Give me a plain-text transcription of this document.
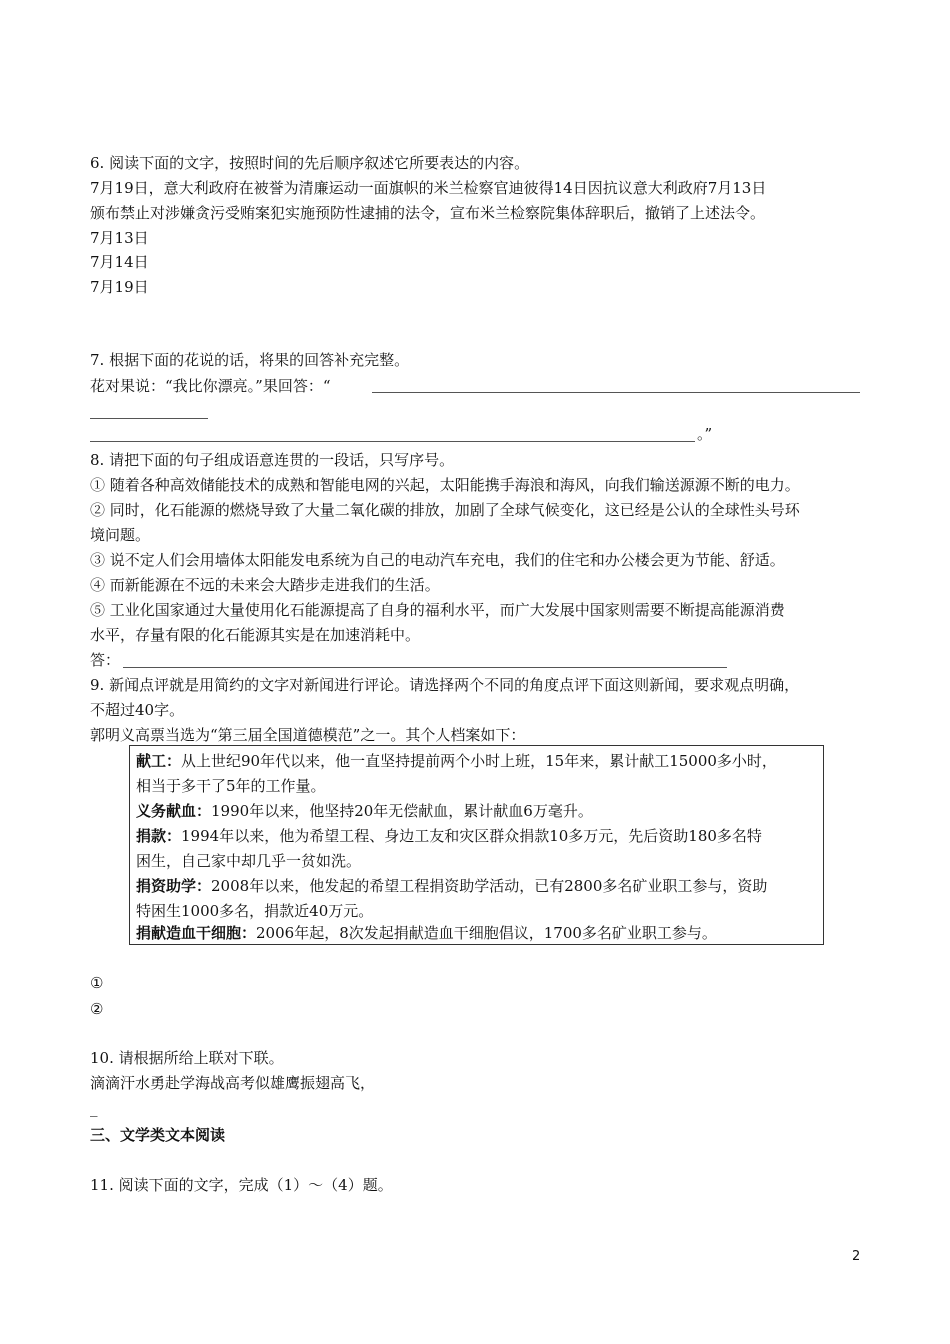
6. 阅读下面的文字，按照时间的先后顺序叙述它所要表达的内容。
7月19日，意大利政府在被誉为清廉运动一面旗帜的米兰检察官迪彼得14日因抗议意大利政府7月13日
颁布禁止对涉嫌贪污受贿案犯实施预防性逮捕的法令，宣布米兰检察院集体辞职后，撤销了上述法令。
7月13日
7月14日
7月19日
7. 根据下面的花说的话，将果的回答补充完整。
花对果说：“我比你漂亮。”果回答：“
。”
8. 请把下面的句子组成语意连贯的一段话，只写序号。
① 随着各种高效储能技术的成熟和智能电网的兴起，太阳能携手海浪和海风，向我们输送源源不断的电力。
② 同时，化石能源的燃烧导致了大量二氧化碳的排放，加剧了全球气候变化，这已经是公认的全球性头号环
境问题。
③ 说不定人们会用墙体太阳能发电系统为自己的电动汽车充电，我们的住宅和办公楼会更为节能、舒适。
④ 而新能源在不远的未来会大踏步走进我们的生活。
⑤ 工业化国家通过大量使用化石能源提高了自身的福利水平，而广大发展中国家则需要不断提高能源消费
水平，存量有限的化石能源其实是在加速消耗中。
答：
9. 新闻点评就是用简约的文字对新闻进行评论。请选择两个不同的角度点评下面这则新闻，要求观点明确，
不超过40字。
郭明义高票当选为“第三届全国道德模范”之一。其个人档案如下：
献工：从上世纪90年代以来，他一直坚持提前两个小时上班，15年来，累计献工15000多小时，
相当于多干了5年的工作量。
义务献血：1990年以来，他坚持20年无偿献血，累计献血6万毫升。
捐款：1994年以来，他为希望工程、身边工友和灾区群众捐款10多万元，先后资助180多名特
困生，自己家中却几乎一贫如洗。
捐资助学：2008年以来，他发起的希望工程捐资助学活动，已有2800多名矿业职工参与，资助
特困生1000多名，捐款近40万元。
捐献造血干细胞：2006年起，8次发起捐献造血干细胞倡议，1700多名矿业职工参与。
①
②
10. 请根据所给上联对下联。
滴滴汗水勇赴学海战高考似雄鹰振翅高飞，
_
三、文学类文本阅读
11. 阅读下面的文字，完成（1）～（4）题。
2
